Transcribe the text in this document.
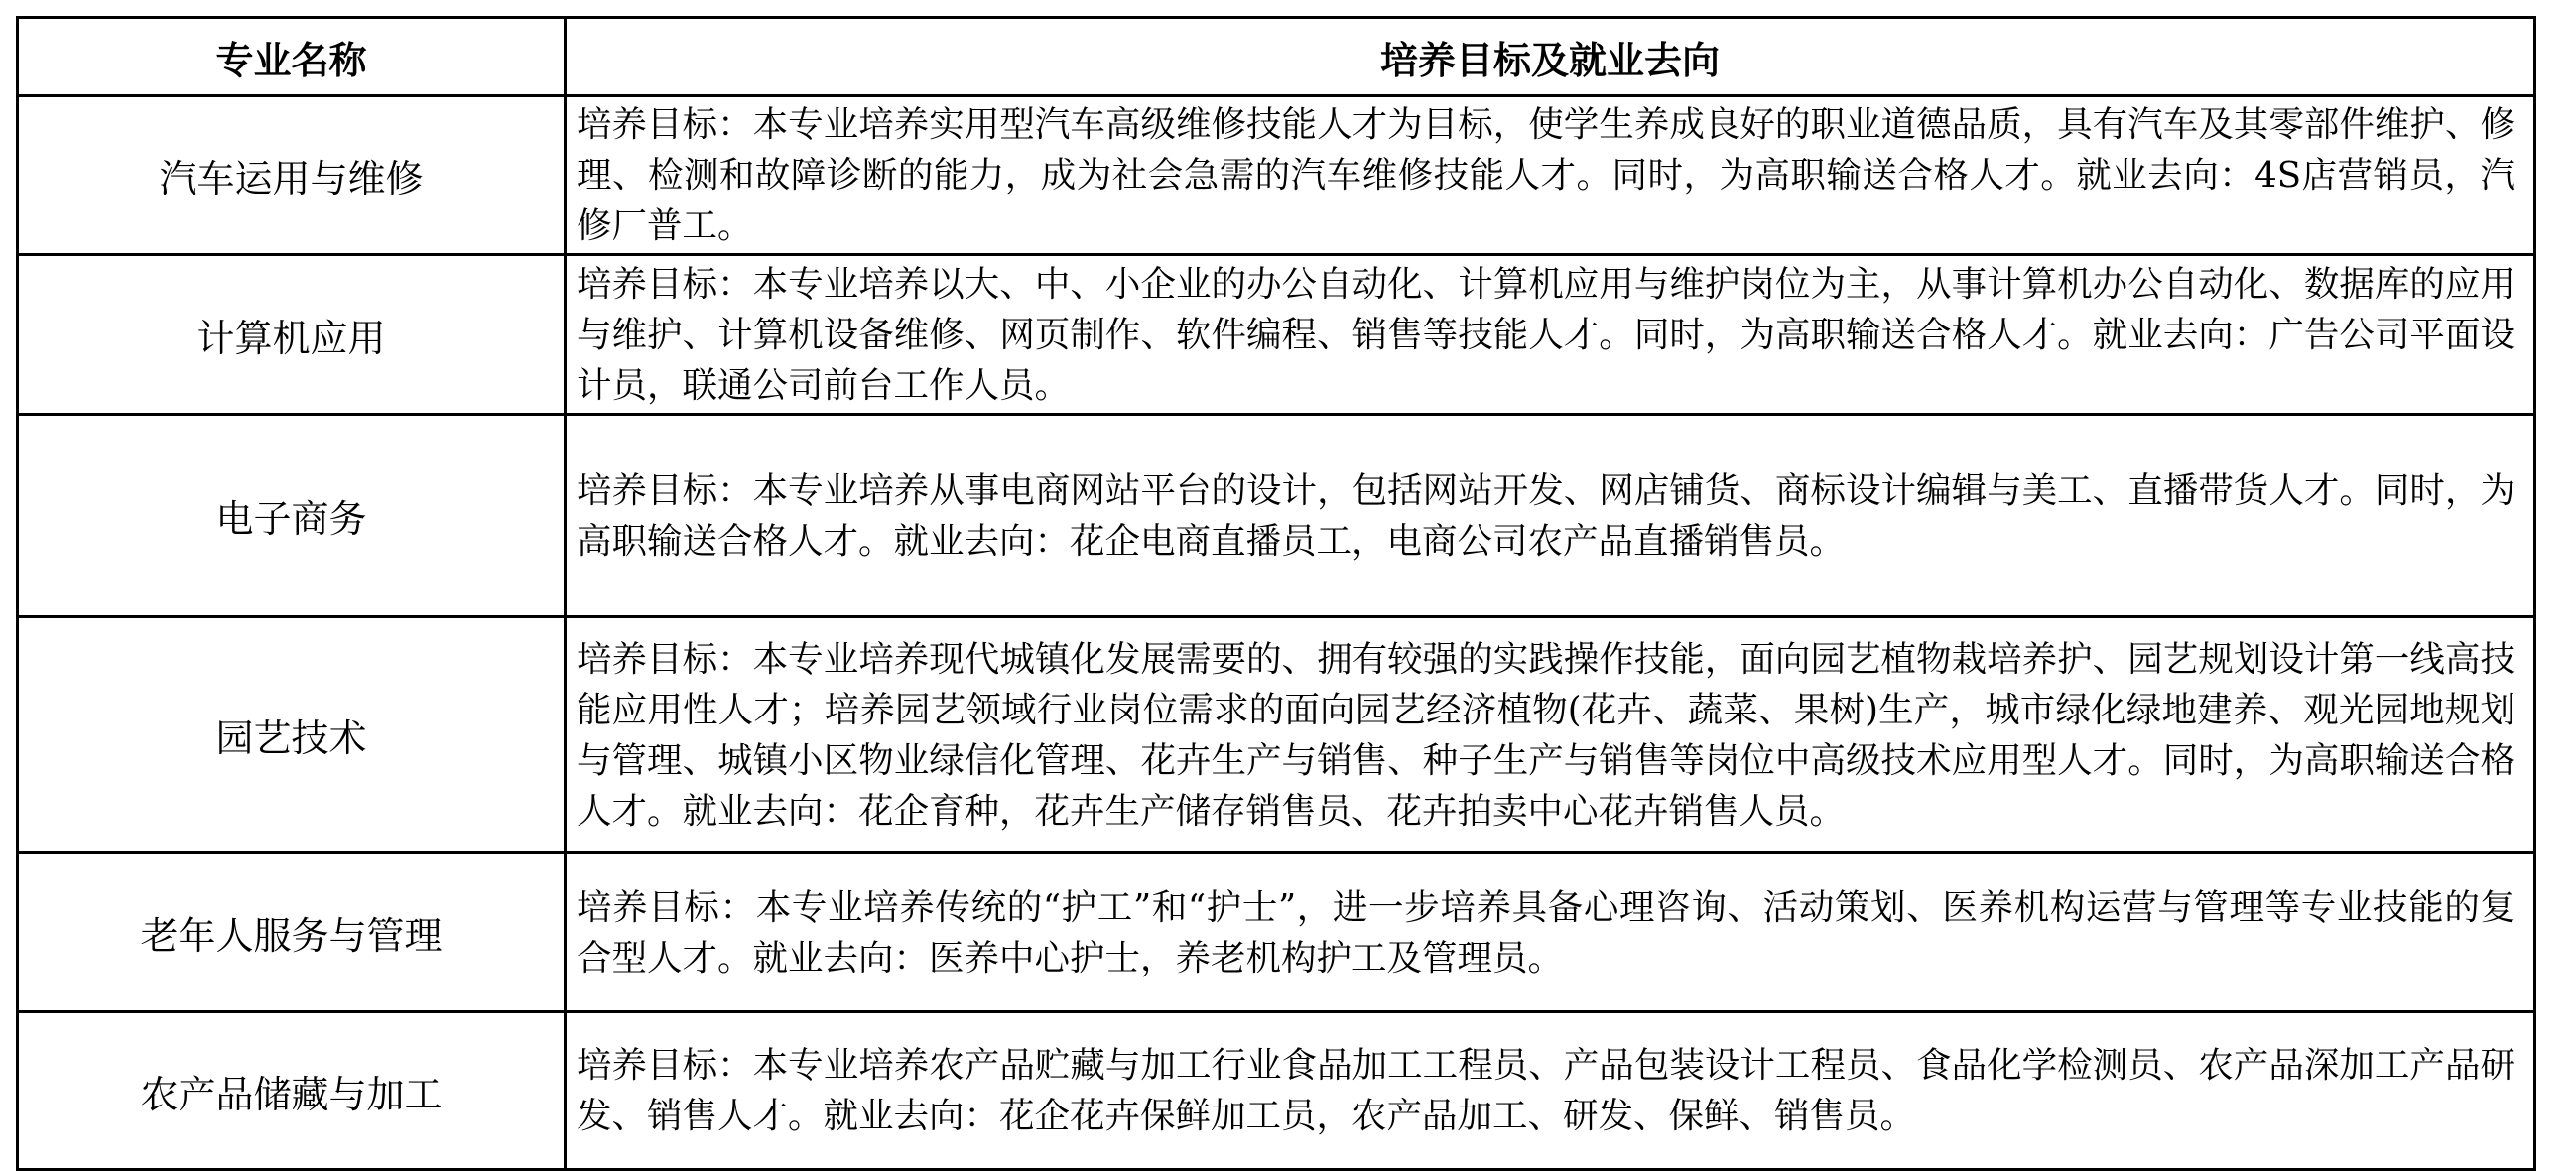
专业名称	培养目标及就业去向
汽车运用与维修	培养目标：本专业培养实用型汽车高级维修技能人才为目标，使学生养成良好的职业道德品质，具有汽车及其零部件维护、修理、检测和故障诊断的能力，成为社会急需的汽车维修技能人才。同时，为高职输送合格人才。就业去向：4S店营销员，汽修厂普工。
计算机应用	培养目标：本专业培养以大、中、小企业的办公自动化、计算机应用与维护岗位为主，从事计算机办公自动化、数据库的应用与维护、计算机设备维修、网页制作、软件编程、销售等技能人才。同时，为高职输送合格人才。就业去向：广告公司平面设计员，联通公司前台工作人员。
电子商务	培养目标：本专业培养从事电商网站平台的设计，包括网站开发、网店铺货、商标设计编辑与美工、直播带货人才。同时，为高职输送合格人才。就业去向：花企电商直播员工，电商公司农产品直播销售员。
园艺技术	培养目标：本专业培养现代城镇化发展需要的、拥有较强的实践操作技能，面向园艺植物栽培养护、园艺规划设计第一线高技能应用性人才；培养园艺领域行业岗位需求的面向园艺经济植物(花卉、蔬菜、果树)生产，城市绿化绿地建养、观光园地规划与管理、城镇小区物业绿信化管理、花卉生产与销售、种子生产与销售等岗位中高级技术应用型人才。同时，为高职输送合格人才。就业去向：花企育种，花卉生产储存销售员、花卉拍卖中心花卉销售人员。
老年人服务与管理	培养目标：本专业培养传统的“护工”和“护士”，进一步培养具备心理咨询、活动策划、医养机构运营与管理等专业技能的复合型人才。就业去向：医养中心护士，养老机构护工及管理员。
农产品储藏与加工	培养目标：本专业培养农产品贮藏与加工行业食品加工工程员、产品包装设计工程员、食品化学检测员、农产品深加工产品研发、销售人才。就业去向：花企花卉保鲜加工员，农产品加工、研发、保鲜、销售员。
